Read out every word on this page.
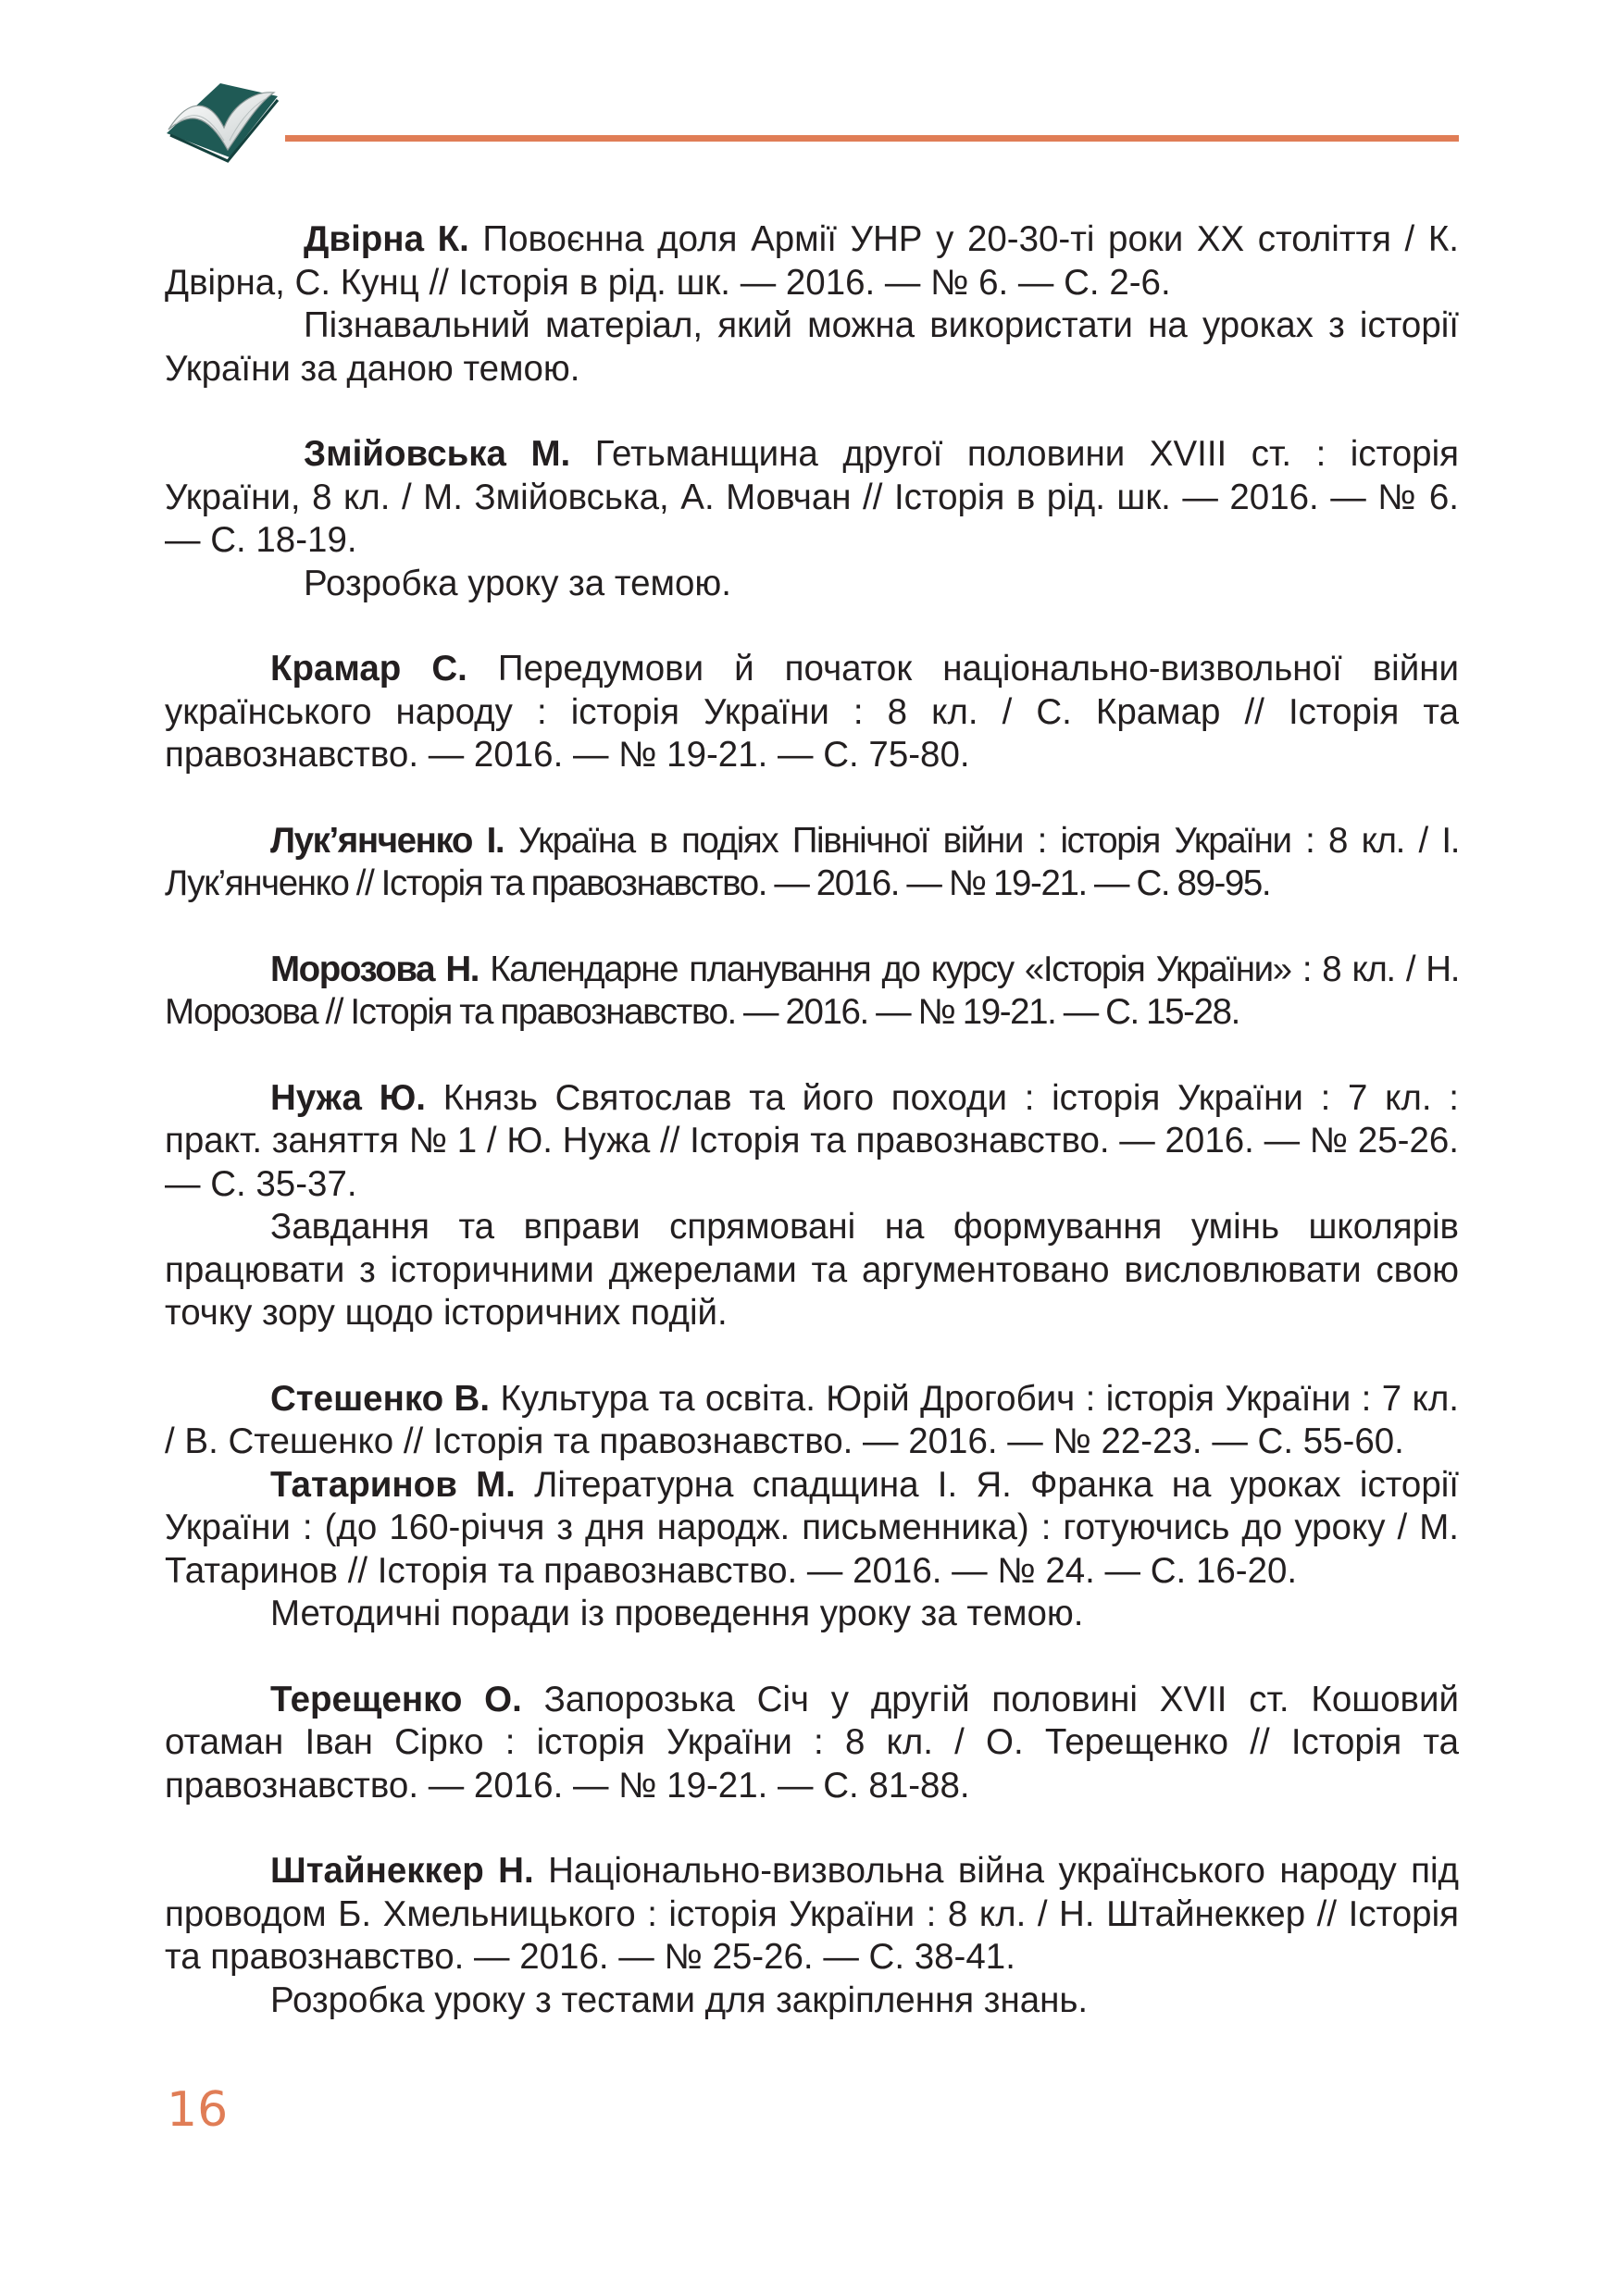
Двірна К. Повоєнна доля Армії УНР у 20-30-ті роки XX століття / К. Двірна, С. Кунц // Історія в рід. шк. — 2016. — № 6. — С. 2-6.

Пізнавальний матеріал, який можна використати на уроках з історії України за даною темою.

Змійовська М. Гетьманщина другої половини XVIII ст. : історія України, 8 кл. / М. Змійовська, А. Мовчан // Історія в рід. шк. — 2016. — № 6. — С. 18-19.

Розробка уроку за темою.

Крамар С. Передумови й початок національно-визвольної війни українського народу : історія України : 8 кл. / С. Крамар // Історія та правознавство. — 2016. — № 19-21. — С. 75-80.

Лук’янченко І. Україна в подіях Північної війни : історія України : 8 кл. / І. Лук’янченко // Історія та правознавство. — 2016. — № 19-21. — С. 89-95.

Морозова Н. Календарне планування до курсу «Історія України» : 8 кл. / Н. Морозова // Історія та правознавство. — 2016. — № 19-21. — С. 15-28.

Нужа Ю. Князь Святослав та його походи : історія України : 7 кл. : практ. заняття № 1 / Ю. Нужа // Історія та правознавство. — 2016. — № 25-26. — С. 35-37.

Завдання та вправи спрямовані на формування умінь школярів працювати з історичними джерелами та аргументовано висловлювати свою точку зору щодо історичних подій.

Стешенко В. Культура та освіта. Юрій Дрогобич : історія України : 7 кл. / В. Стешенко // Історія та правознавство. — 2016. — № 22-23. — С. 55-60.

Татаринов М. Літературна спадщина І. Я. Франка на уроках історії України : (до 160-річчя з дня народж. письменника) : готуючись до уроку / М. Татаринов // Історія та правознавство. — 2016. — № 24. — С. 16-20.

Методичні поради із проведення уроку за темою.

Терещенко О. Запорозька Січ у другій половині XVII ст. Кошовий отаман Іван Сірко : історія України : 8 кл. / О. Терещенко // Історія та правознавство. — 2016. — № 19-21. — С. 81-88.

Штайнеккер Н. Національно-визвольна війна українського народу під проводом Б. Хмельницького : історія України : 8 кл. / Н. Штайнеккер // Історія та правознавство. — 2016. — № 25-26. — С. 38-41.

Розробка уроку з тестами для закріплення знань.

16
